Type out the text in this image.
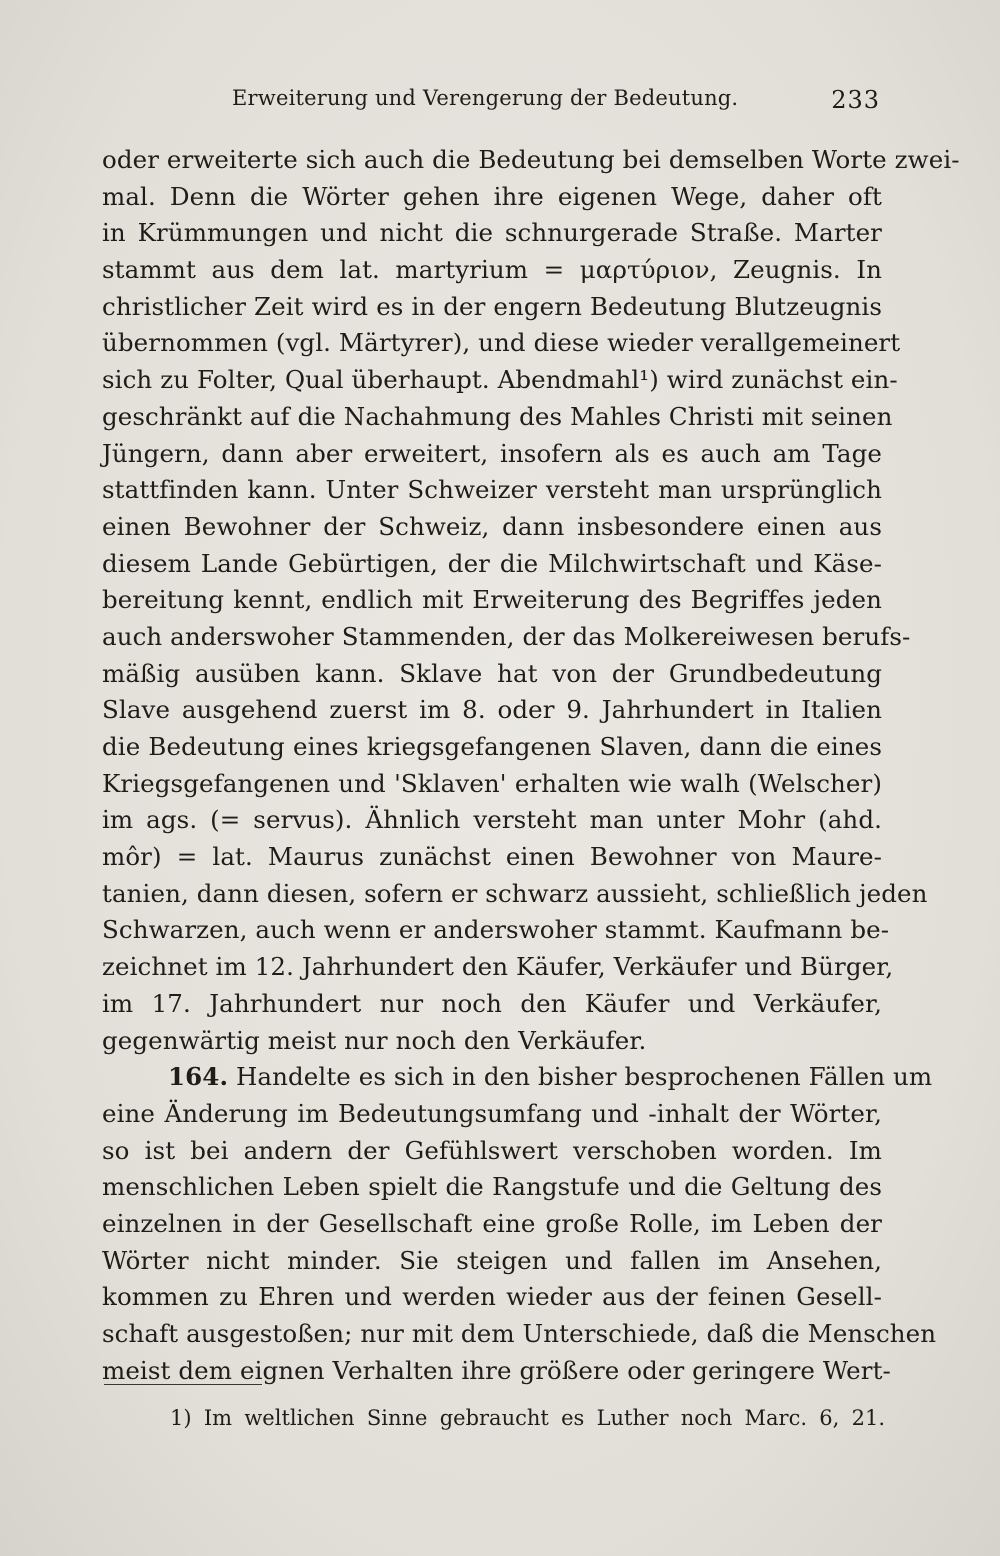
Erweiterung und Verengerung der Bedeutung.	233
oder erweiterte sich auch die Bedeutung bei demselben Worte zwei-
mal. Denn die Wörter gehen ihre eigenen Wege, daher oft
in Krümmungen und nicht die schnurgerade Straße. Marter
stammt aus dem lat. martyrium = μαρτύριον, Zeugnis. In
christlicher Zeit wird es in der engern Bedeutung Blutzeugnis
übernommen (vgl. Märtyrer), und diese wieder verallgemeinert
sich zu Folter, Qual überhaupt. Abendmahl¹) wird zunächst ein-
geschränkt auf die Nachahmung des Mahles Christi mit seinen
Jüngern, dann aber erweitert, insofern als es auch am Tage
stattfinden kann. Unter Schweizer versteht man ursprünglich
einen Bewohner der Schweiz, dann insbesondere einen aus
diesem Lande Gebürtigen, der die Milchwirtschaft und Käse-
bereitung kennt, endlich mit Erweiterung des Begriffes jeden
auch anderswoher Stammenden, der das Molkereiwesen berufs-
mäßig ausüben kann. Sklave hat von der Grundbedeutung
Slave ausgehend zuerst im 8. oder 9. Jahrhundert in Italien
die Bedeutung eines kriegsgefangenen Slaven, dann die eines
Kriegsgefangenen und 'Sklaven' erhalten wie walh (Welscher)
im ags. (= servus). Ähnlich versteht man unter Mohr (ahd.
môr) = lat. Maurus zunächst einen Bewohner von Maure-
tanien, dann diesen, sofern er schwarz aussieht, schließlich jeden
Schwarzen, auch wenn er anderswoher stammt. Kaufmann be-
zeichnet im 12. Jahrhundert den Käufer, Verkäufer und Bürger,
im 17. Jahrhundert nur noch den Käufer und Verkäufer,
gegenwärtig meist nur noch den Verkäufer.
164. Handelte es sich in den bisher besprochenen Fällen um
eine Änderung im Bedeutungsumfang und -inhalt der Wörter,
so ist bei andern der Gefühlswert verschoben worden. Im
menschlichen Leben spielt die Rangstufe und die Geltung des
einzelnen in der Gesellschaft eine große Rolle, im Leben der
Wörter nicht minder. Sie steigen und fallen im Ansehen,
kommen zu Ehren und werden wieder aus der feinen Gesell-
schaft ausgestoßen; nur mit dem Unterschiede, daß die Menschen
meist dem eignen Verhalten ihre größere oder geringere Wert-
1) Im weltlichen Sinne gebraucht es Luther noch Marc. 6, 21.
